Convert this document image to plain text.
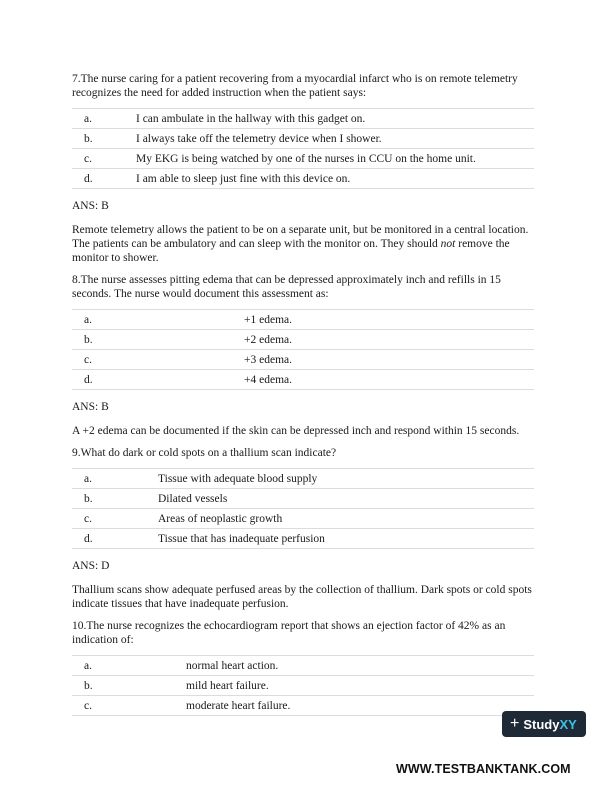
7.The nurse caring for a patient recovering from a myocardial infarct who is on remote telemetry recognizes the need for added instruction when the patient says:

a.	I can ambulate in the hallway with this gadget on.
b.	I always take off the telemetry device when I shower.
c.	My EKG is being watched by one of the nurses in CCU on the home unit.
d.	I am able to sleep just fine with this device on.

ANS: B

Remote telemetry allows the patient to be on a separate unit, but be monitored in a central location. The patients can be ambulatory and can sleep with the monitor on. They should not remove the monitor to shower.

8.The nurse assesses pitting edema that can be depressed approximately inch and refills in 15 seconds. The nurse would document this assessment as:

a.	+1 edema.
b.	+2 edema.
c.	+3 edema.
d.	+4 edema.

ANS: B

A +2 edema can be documented if the skin can be depressed inch and respond within 15 seconds.

9.What do dark or cold spots on a thallium scan indicate?

a.	Tissue with adequate blood supply
b.	Dilated vessels
c.	Areas of neoplastic growth
d.	Tissue that has inadequate perfusion

ANS: D

Thallium scans show adequate perfused areas by the collection of thallium. Dark spots or cold spots indicate tissues that have inadequate perfusion.

10.The nurse recognizes the echocardiogram report that shows an ejection factor of 42% as an indication of:

a.	normal heart action.
b.	mild heart failure.
c.	moderate heart failure.
+ Study XY
WWW.TESTBANKTANK.COM
